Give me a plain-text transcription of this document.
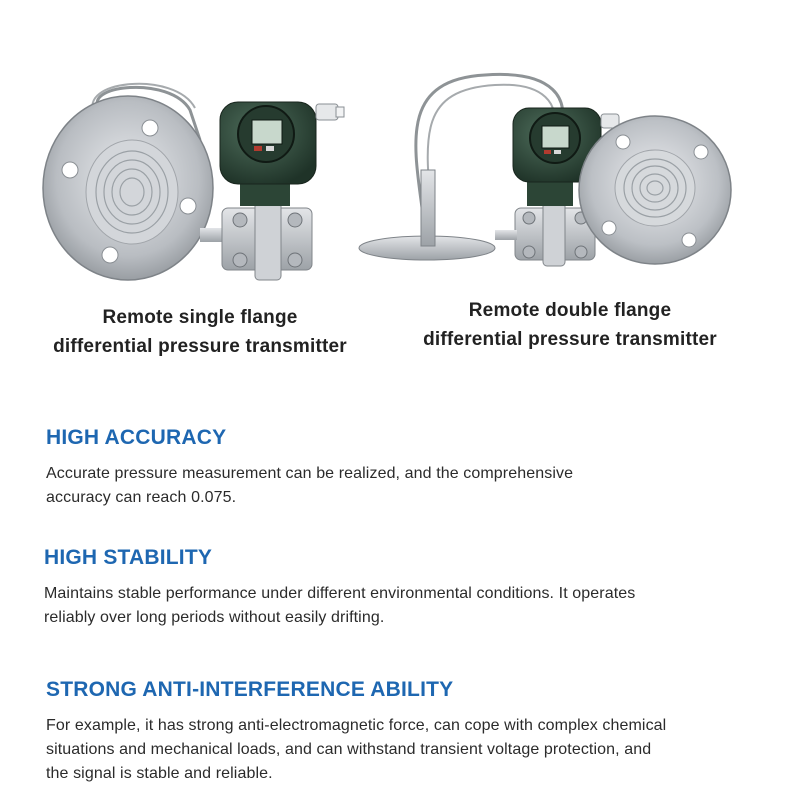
Remote single flange
differential pressure transmitter
Remote double flange
differential pressure transmitter
HIGH ACCURACY

Accurate pressure measurement can be realized, and the comprehensive
accuracy can reach 0.075.

HIGH STABILITY

Maintains stable performance under different environmental conditions. It operates
reliably over long periods without easily drifting.

STRONG ANTI-INTERFERENCE ABILITY

For example, it has strong anti-electromagnetic force, can cope with complex chemical
situations and mechanical loads, and can withstand transient voltage protection, and
the signal is stable and reliable.
